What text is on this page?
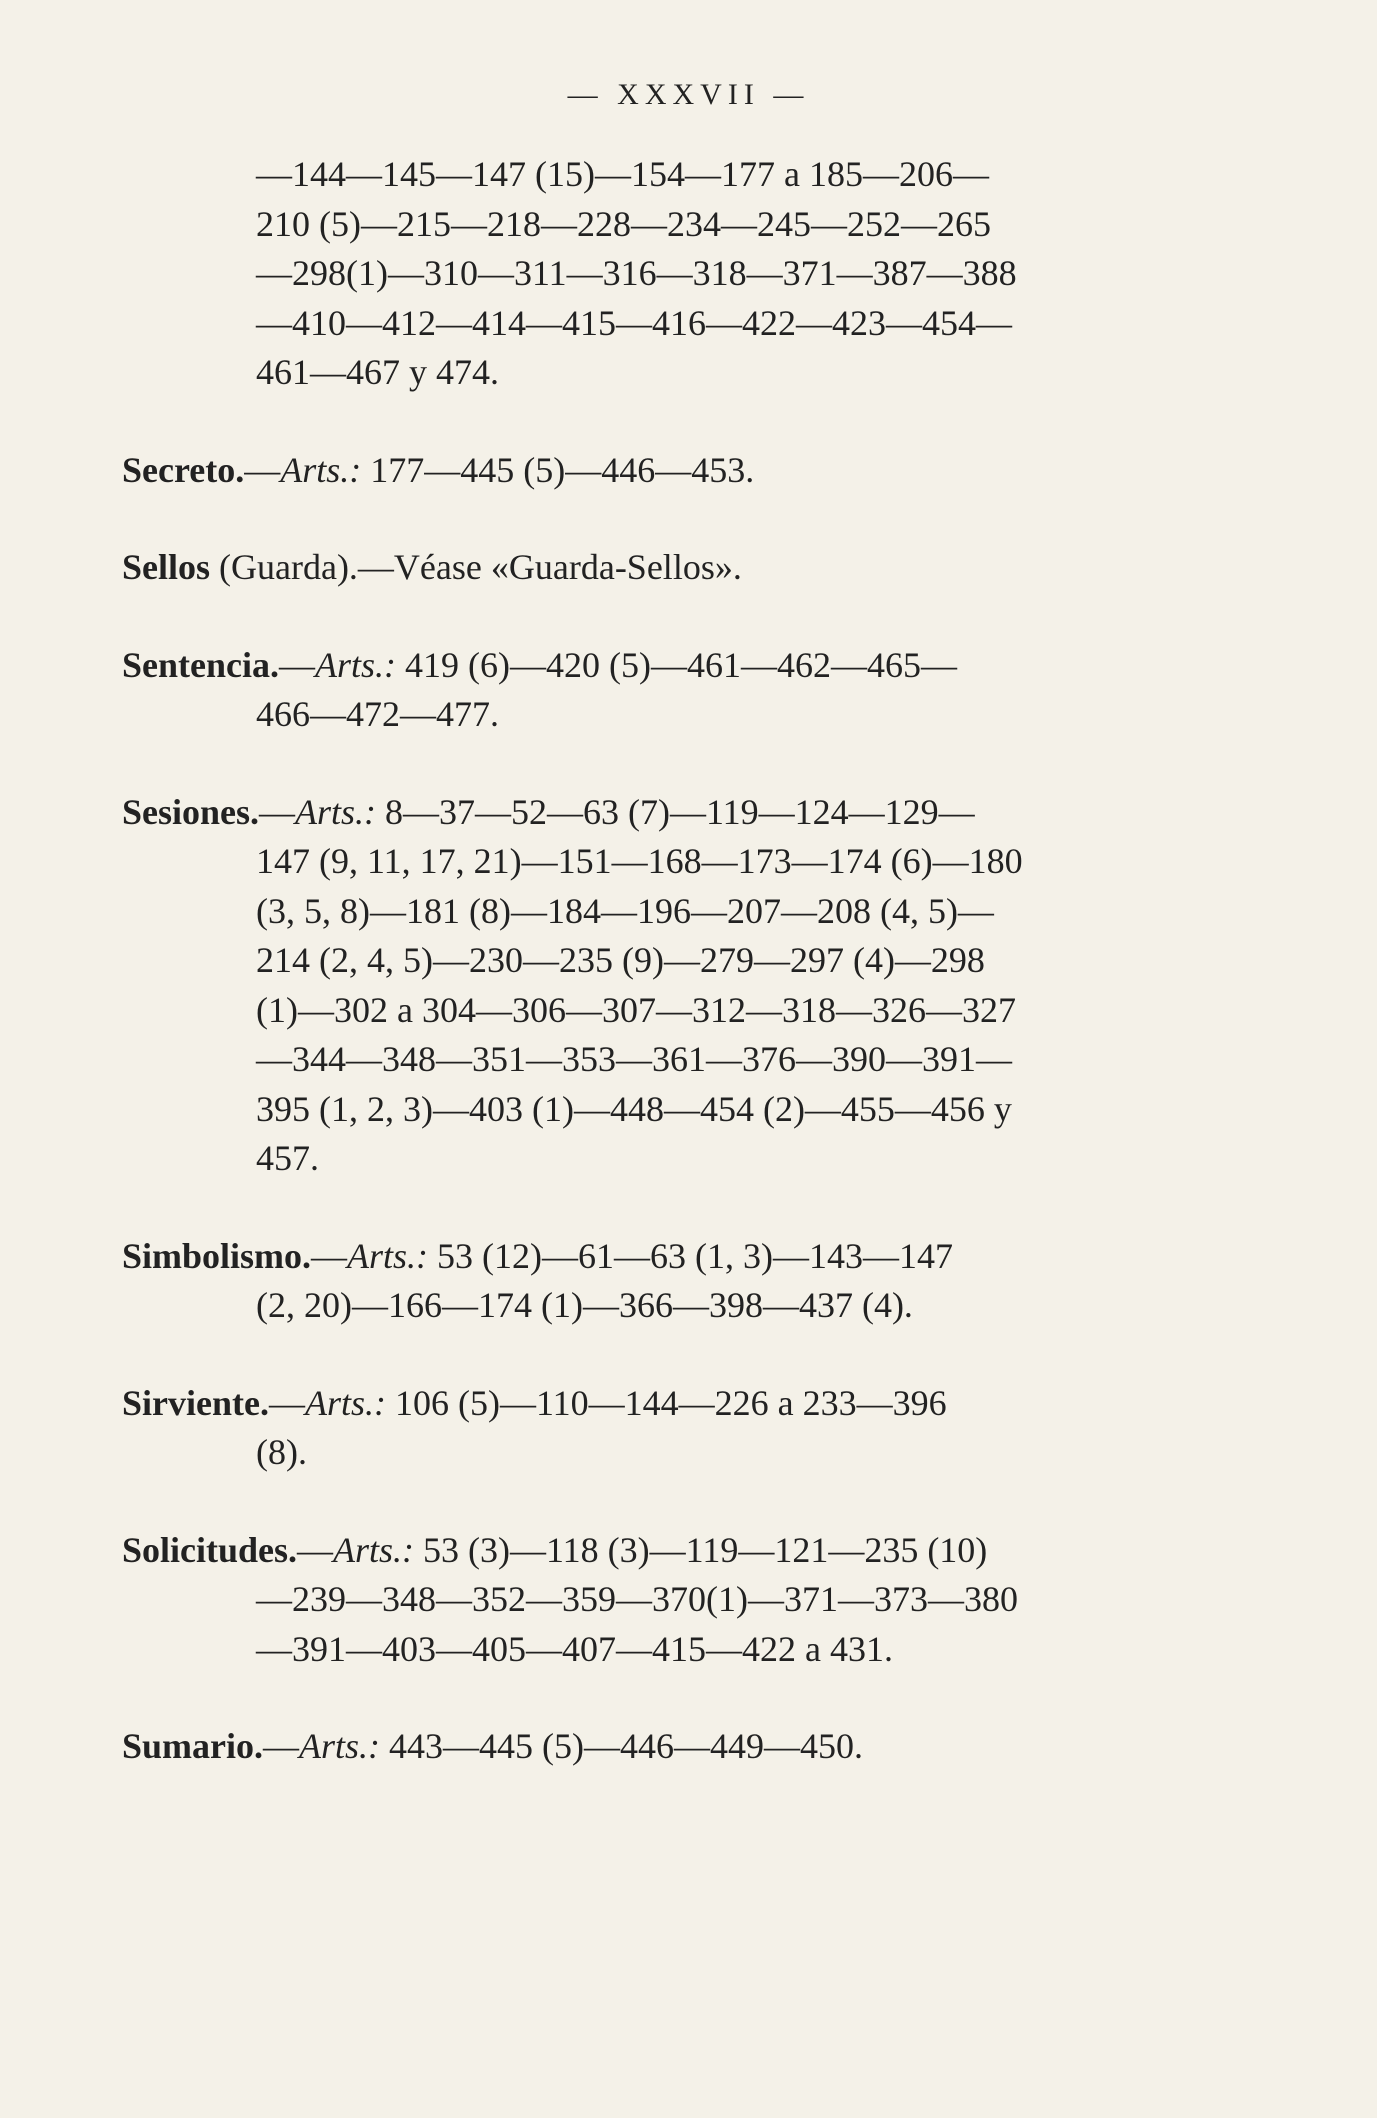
— XXXVII —
—144—145—147 (15)—154—177 a 185—206—
210 (5)—215—218—228—234—245—252—265
—298(1)—310—311—316—318—371—387—388
—410—412—414—415—416—422—423—454—
461—467 y 474.
Secreto.—Arts.: 177—445 (5)—446—453.
Sellos (Guarda).—Véase «Guarda-Sellos».
Sentencia.—Arts.: 419 (6)—420 (5)—461—462—465—
466—472—477.
Sesiones.—Arts.: 8—37—52—63 (7)—119—124—129—
147 (9, 11, 17, 21)—151—168—173—174 (6)—180
(3, 5, 8)—181 (8)—184—196—207—208 (4, 5)—
214 (2, 4, 5)—230—235 (9)—279—297 (4)—298
(1)—302 a 304—306—307—312—318—326—327
—344—348—351—353—361—376—390—391—
395 (1, 2, 3)—403 (1)—448—454 (2)—455—456 y
457.
Simbolismo.—Arts.: 53 (12)—61—63 (1, 3)—143—147
(2, 20)—166—174 (1)—366—398—437 (4).
Sirviente.—Arts.: 106 (5)—110—144—226 a 233—396
(8).
Solicitudes.—Arts.: 53 (3)—118 (3)—119—121—235 (10)
—239—348—352—359—370(1)—371—373—380
—391—403—405—407—415—422 a 431.
Sumario.—Arts.: 443—445 (5)—446—449—450.
